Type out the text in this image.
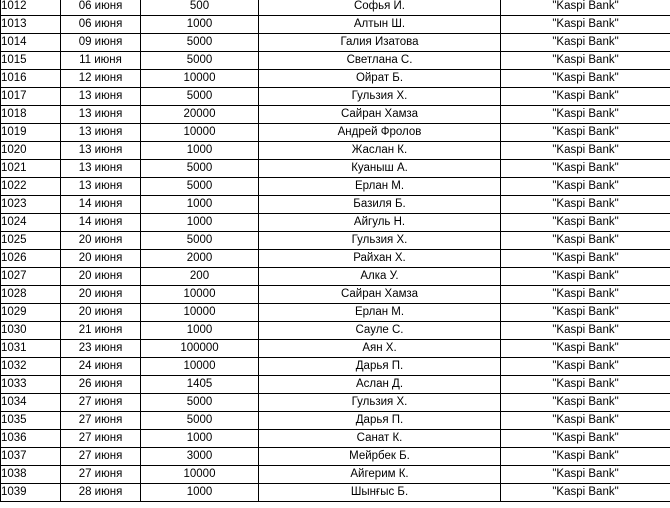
1012	06 июня	500	Софья И.	"Kaspi Bank"
1013	06 июня	1000	Алтын Ш.	"Kaspi Bank"
1014	09 июня	5000	Галия Изатова	"Kaspi Bank"
1015	11 июня	5000	Светлана С.	"Kaspi Bank"
1016	12 июня	10000	Ойрат Б.	"Kaspi Bank"
1017	13 июня	5000	Гульзия Х.	"Kaspi Bank"
1018	13 июня	20000	Сайран Хамза	"Kaspi Bank"
1019	13 июня	10000	Андрей Фролов	"Kaspi Bank"
1020	13 июня	1000	Жаслан К.	"Kaspi Bank"
1021	13 июня	5000	Куаныш А.	"Kaspi Bank"
1022	13 июня	5000	Ерлан М.	"Kaspi Bank"
1023	14 июня	1000	Базиля Б.	"Kaspi Bank"
1024	14 июня	1000	Айгуль Н.	"Kaspi Bank"
1025	20 июня	5000	Гульзия Х.	"Kaspi Bank"
1026	20 июня	2000	Райхан Х.	"Kaspi Bank"
1027	20 июня	200	Алка У.	"Kaspi Bank"
1028	20 июня	10000	Сайран Хамза	"Kaspi Bank"
1029	20 июня	10000	Ерлан М.	"Kaspi Bank"
1030	21 июня	1000	Сауле С.	"Kaspi Bank"
1031	23 июня	100000	Аян Х.	"Kaspi Bank"
1032	24 июня	10000	Дарья П.	"Kaspi Bank"
1033	26 июня	1405	Аслан Д.	"Kaspi Bank"
1034	27 июня	5000	Гульзия Х.	"Kaspi Bank"
1035	27 июня	5000	Дарья П.	"Kaspi Bank"
1036	27 июня	1000	Санат К.	"Kaspi Bank"
1037	27 июня	3000	Мейрбек Б.	"Kaspi Bank"
1038	27 июня	10000	Айгерим К.	"Kaspi Bank"
1039	28 июня	1000	Шынғыс Б.	"Kaspi Bank"
